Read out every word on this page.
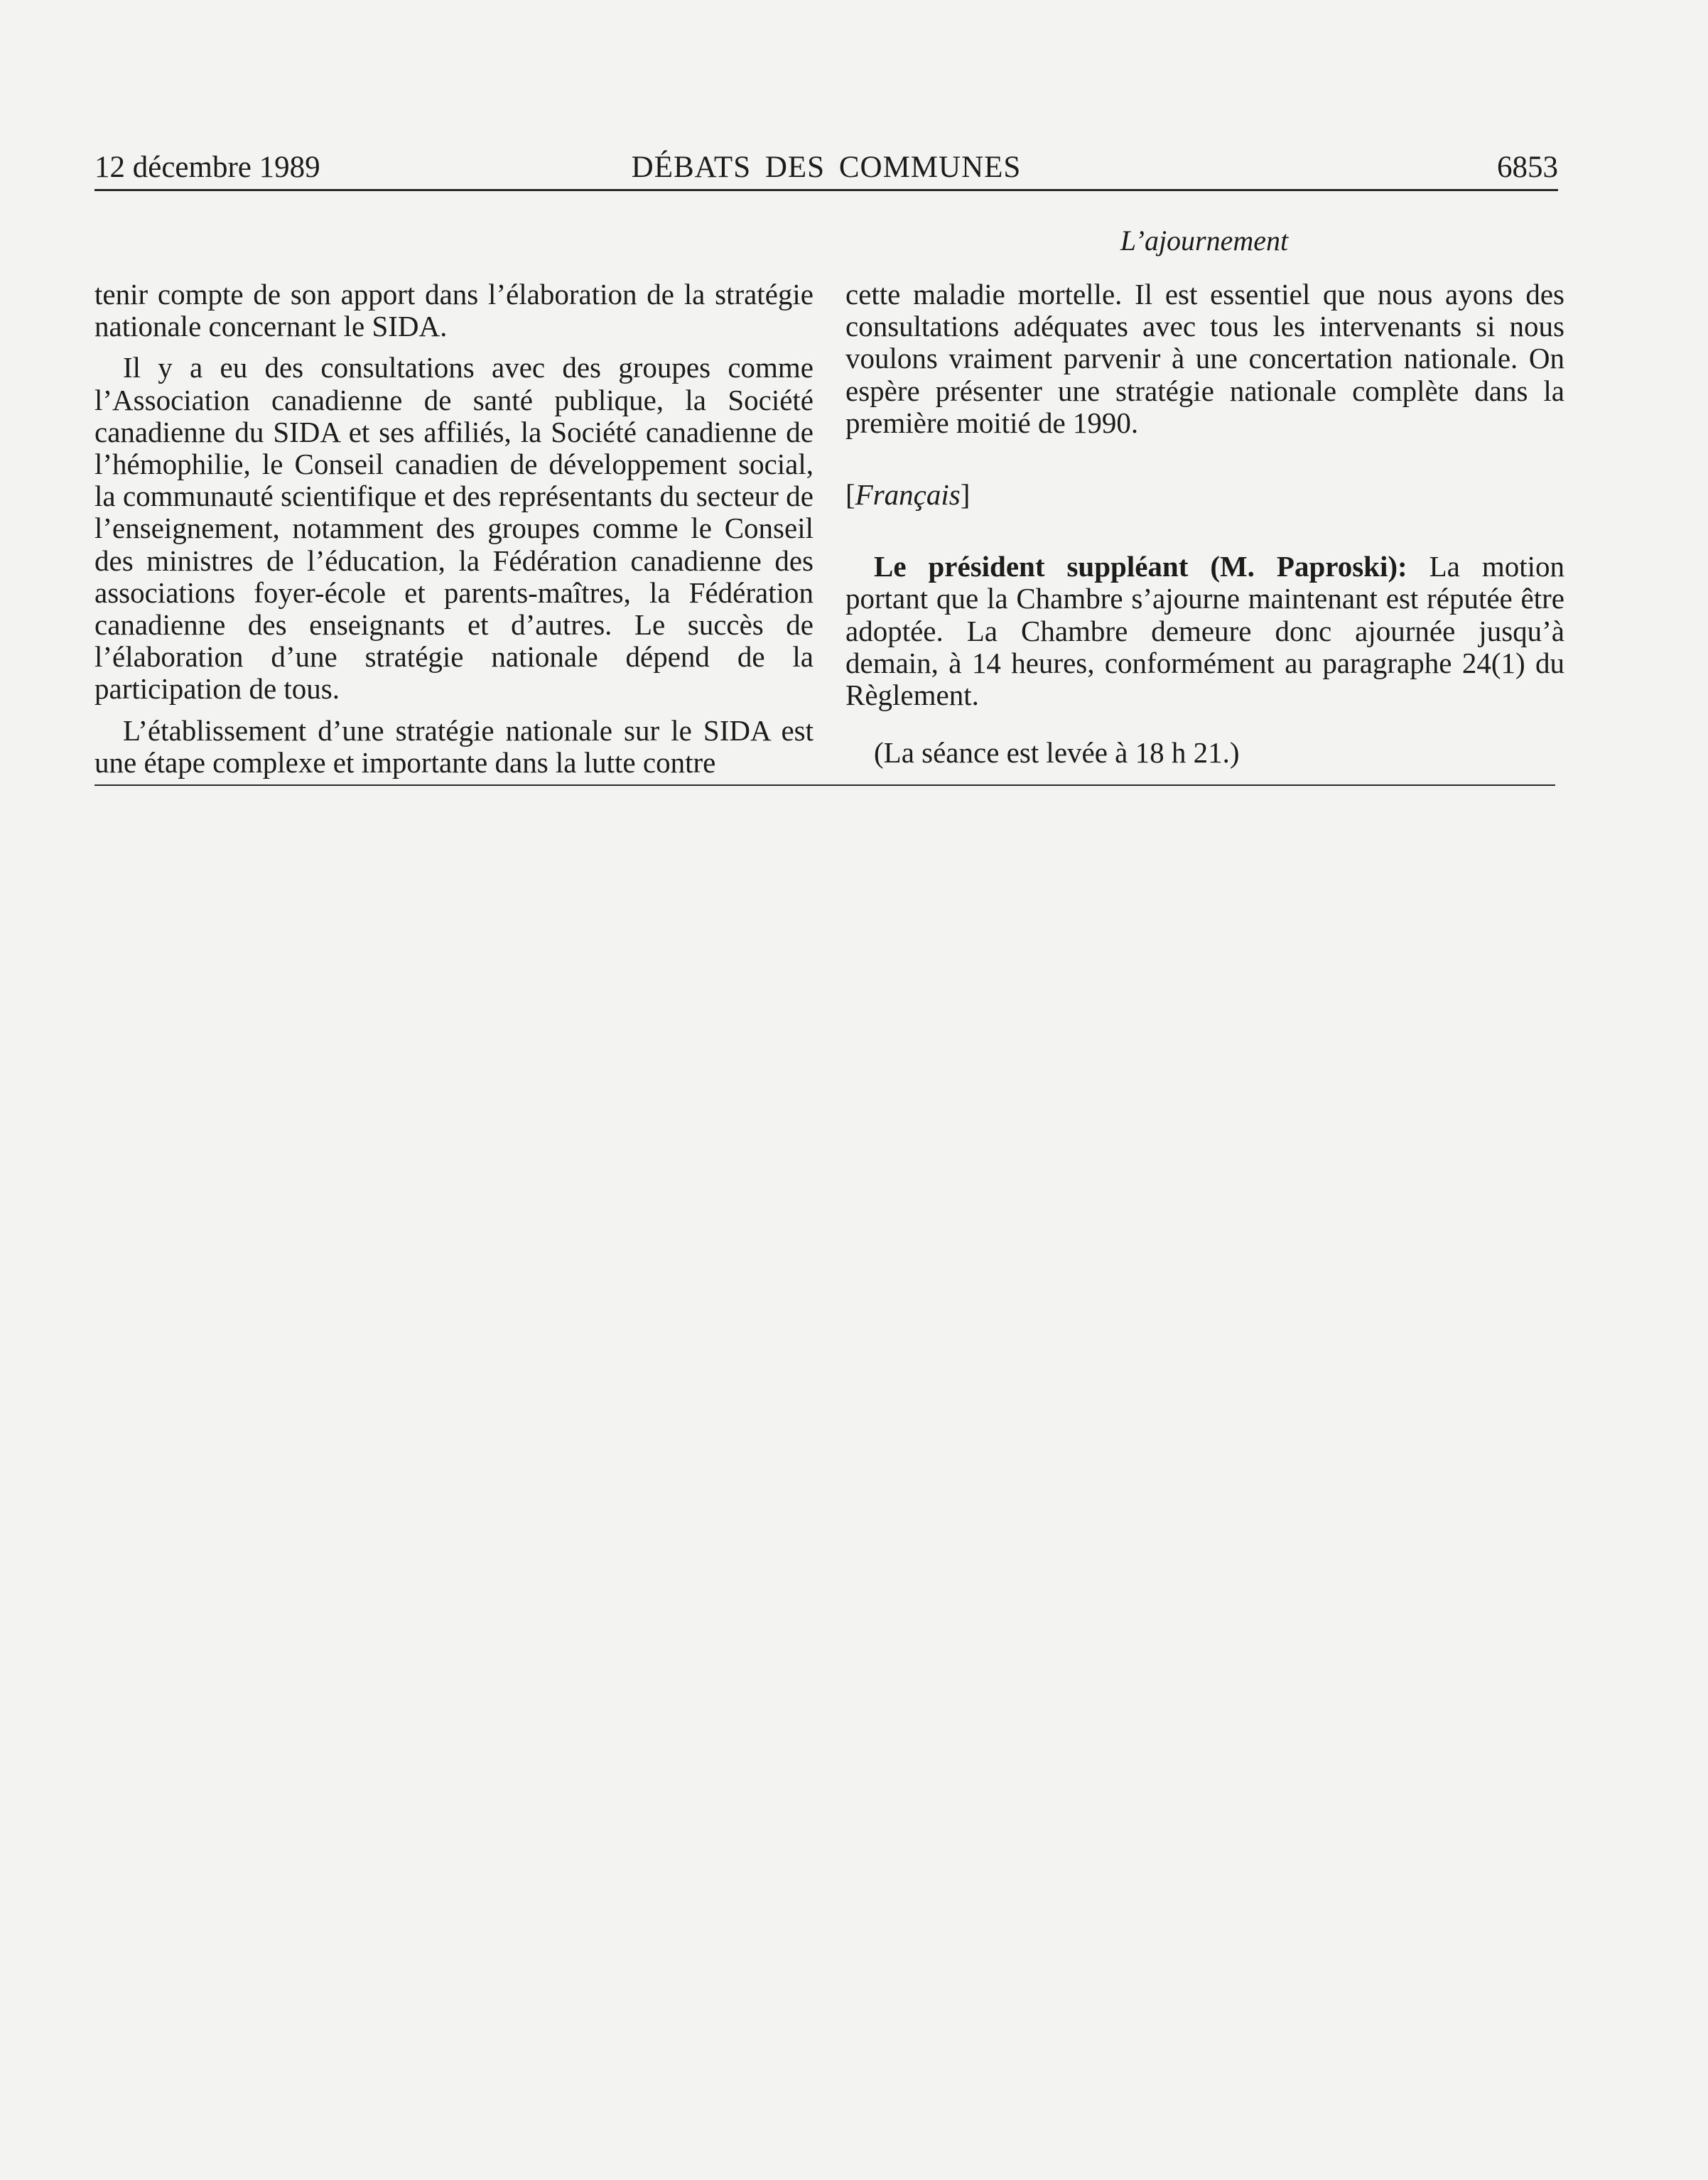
12 décembre 1989	DÉBATS DES COMMUNES	6853
L’ajournement

tenir compte de son apport dans l’élaboration de la stratégie nationale concernant le SIDA.

Il y a eu des consultations avec des groupes comme l’Association canadienne de santé publique, la Société canadienne du SIDA et ses affiliés, la Société canadienne de l’hémophilie, le Conseil canadien de développement social, la communauté scientifique et des représentants du secteur de l’enseignement, notamment des groupes comme le Conseil des ministres de l’éducation, la Fédération canadienne des associations foyer-école et parents-maîtres, la Fédération canadienne des enseignants et d’autres. Le succès de l’élaboration d’une stratégie nationale dépend de la participation de tous.

L’établissement d’une stratégie nationale sur le SIDA est une étape complexe et importante dans la lutte contre

cette maladie mortelle. Il est essentiel que nous ayons des consultations adéquates avec tous les intervenants si nous voulons vraiment parvenir à une concertation nationale. On espère présenter une stratégie nationale complète dans la première moitié de 1990.

[Français]

Le président suppléant (M. Paproski): La motion portant que la Chambre s’ajourne maintenant est réputée être adoptée. La Chambre demeure donc ajournée jusqu’à demain, à 14 heures, conformément au paragraphe 24(1) du Règlement.

(La séance est levée à 18 h 21.)
